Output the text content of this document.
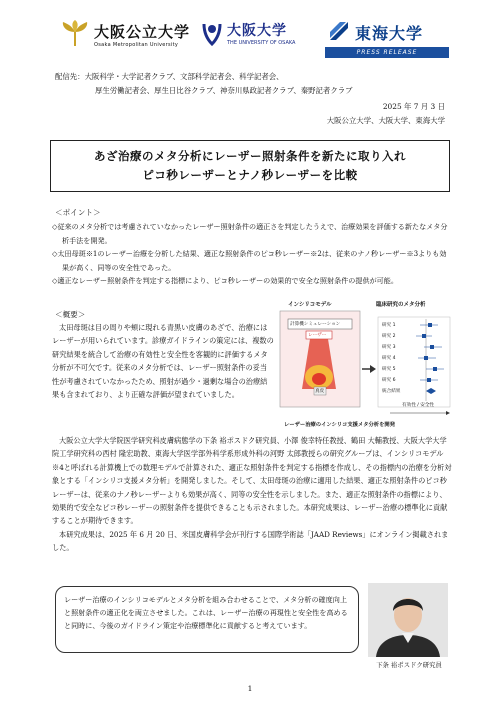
大阪公立大学
Osaka Metropolitan University
大阪大学
THE UNIVERSITY OF OSAKA
東海大学
PRESS RELEASE
配信先：大阪科学・大学記者クラブ、文部科学記者会、科学記者会、
厚生労働記者会、厚生日比谷クラブ、神奈川県政記者クラブ、秦野記者クラブ
2025 年 7 月 3 日
大阪公立大学、大阪大学、東海大学
あざ治療のメタ分析にレーザー照射条件を新たに取り入れ
ピコ秒レーザーとナノ秒レーザーを比較
＜ポイント＞
◇従来のメタ分析では考慮されていなかったレーザー照射条件の適正さを判定したうえで、治療効果を評価する新たなメタ分析手法を開発。
◇太田母斑※1のレーザー治療を分析した結果、適正な照射条件のピコ秒レーザー※2は、従来のナノ秒レーザー※3よりも効果が高く、同等の安全性であった。
◇適正なレーザー照射条件を判定する指標により、ピコ秒レーザーの効果的で安全な照射条件の提供が可能。
＜概要＞
太田母斑は目の周りや頬に現れる青黒い皮膚のあざで、治療にはレーザーが用いられています。診療ガイドラインの策定には、複数の研究結果を統合して治療の有効性と安全性を客観的に評価するメタ分析が不可欠です。従来のメタ分析では、レーザー照射条件の妥当性が考慮されていなかったため、照射が過少・過剰な場合の治療結果も含まれており、より正確な評価が望まれていました。
インシリコモデル	臨床研究のメタ分析
計算機シミュレーション
レーザー
真皮
研究 1
研究 2
研究 3
研究 4
研究 5
研究 6
統合結果
有効性 / 安全性
レーザー治療のインシリコ支援メタ分析を開発
大阪公立大学大学院医学研究科皮膚病態学の下条 裕ポスドク研究員、小澤 俊幸特任教授、鶴田 大輔教授、大阪大学大学院工学研究科の西村 隆宏助教、東海大学医学部外科学系形成外科の河野 太郎教授らの研究グループは、インシリコモデル※4と呼ばれる計算機上での数理モデルで計算された、適正な照射条件を判定する指標を作成し、その指標内の治療を分析対象とする「インシリコ支援メタ分析」を開発しました。そして、太田母斑の治療に適用した結果、適正な照射条件のピコ秒レーザーは、従来のナノ秒レーザーよりも効果が高く、同等の安全性を示しました。また、適正な照射条件の指標により、効果的で安全なピコ秒レーザーの照射条件を提供できることも示されました。本研究成果は、レーザー治療の標準化に貢献することが期待できます。
本研究成果は、2025 年 6 月 20 日、米国皮膚科学会が刊行する国際学術誌「JAAD Reviews」にオンライン掲載されました。
レーザー治療のインシリコモデルとメタ分析を組み合わせることで、メタ分析の確度向上と照射条件の適正化を両立させました。これは、レーザー治療の再現性と安全性を高めると同時に、今後のガイドライン策定や治療標準化に貢献すると考えています。
下条 裕ポスドク研究員
1
